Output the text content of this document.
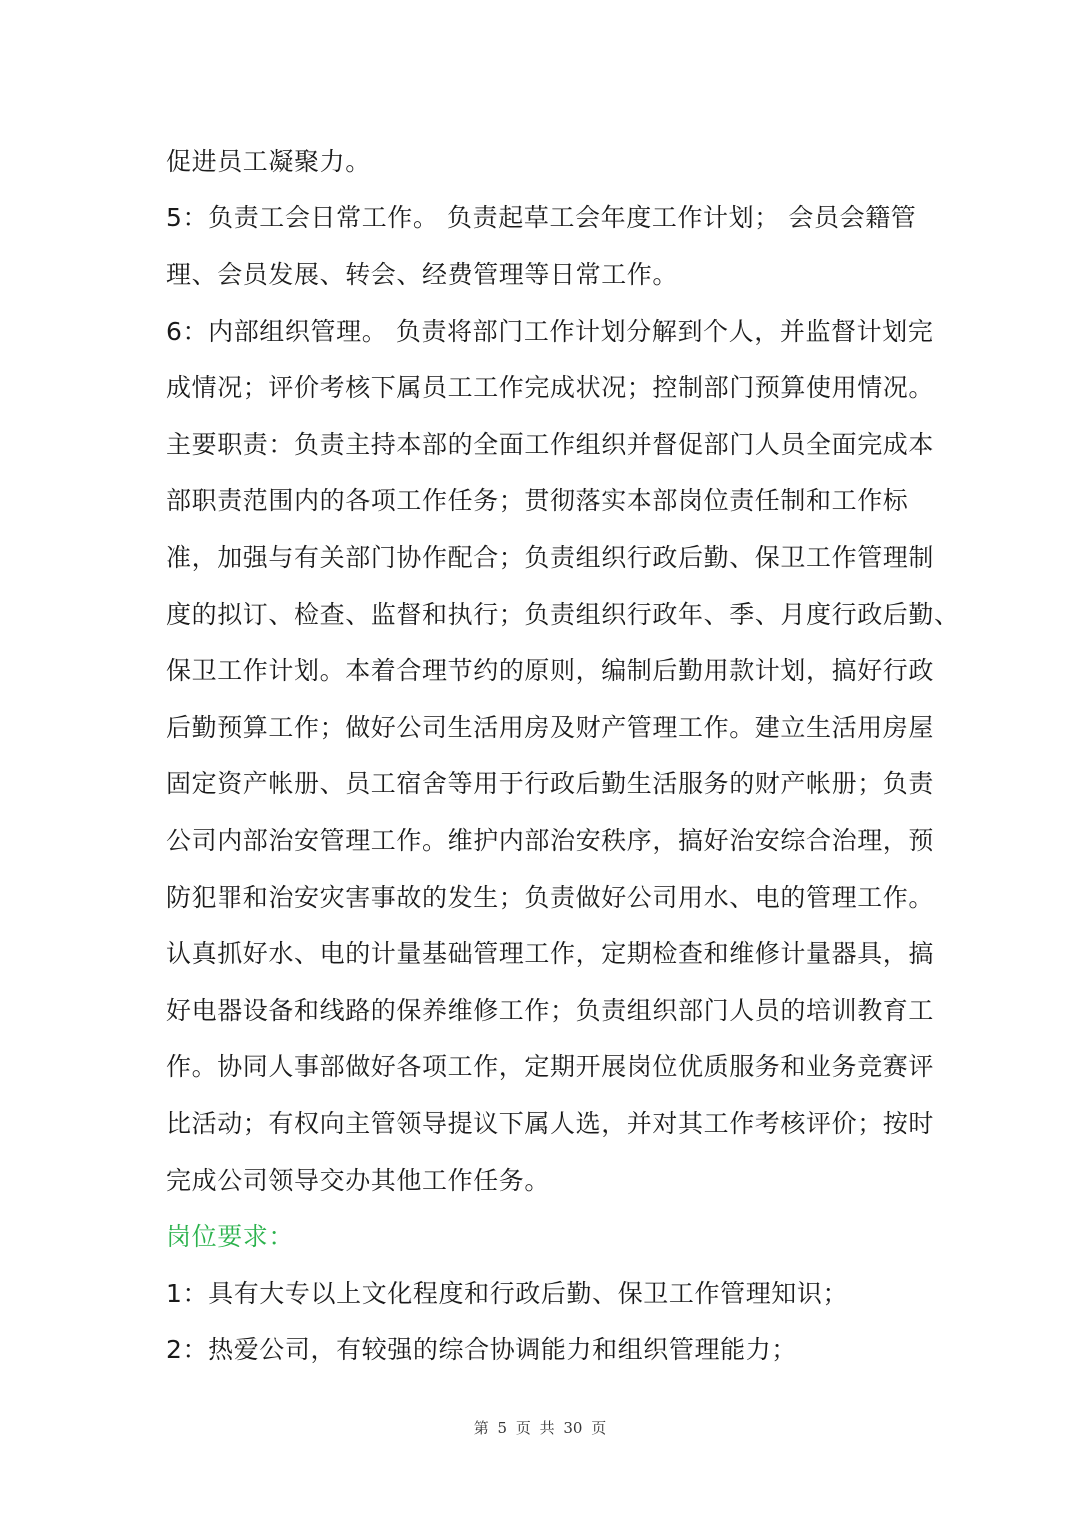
促进员工凝聚力。
5：负责工会日常工作。 负责起草工会年度工作计划； 会员会籍管
理、会员发展、转会、经费管理等日常工作。
6：内部组织管理。 负责将部门工作计划分解到个人，并监督计划完
成情况；评价考核下属员工工作完成状况；控制部门预算使用情况。
主要职责：负责主持本部的全面工作组织并督促部门人员全面完成本
部职责范围内的各项工作任务；贯彻落实本部岗位责任制和工作标
准，加强与有关部门协作配合；负责组织行政后勤、保卫工作管理制
度的拟订、检查、监督和执行；负责组织行政年、季、月度行政后勤、
保卫工作计划。本着合理节约的原则，编制后勤用款计划，搞好行政
后勤预算工作；做好公司生活用房及财产管理工作。建立生活用房屋
固定资产帐册、员工宿舍等用于行政后勤生活服务的财产帐册；负责
公司内部治安管理工作。维护内部治安秩序，搞好治安综合治理，预
防犯罪和治安灾害事故的发生；负责做好公司用水、电的管理工作。
认真抓好水、电的计量基础管理工作，定期检查和维修计量器具，搞
好电器设备和线路的保养维修工作；负责组织部门人员的培训教育工
作。协同人事部做好各项工作，定期开展岗位优质服务和业务竞赛评
比活动；有权向主管领导提议下属人选，并对其工作考核评价；按时
完成公司领导交办其他工作任务。
岗位要求：
1：具有大专以上文化程度和行政后勤、保卫工作管理知识；
2：热爱公司，有较强的综合协调能力和组织管理能力；
第 5 页 共 30 页
